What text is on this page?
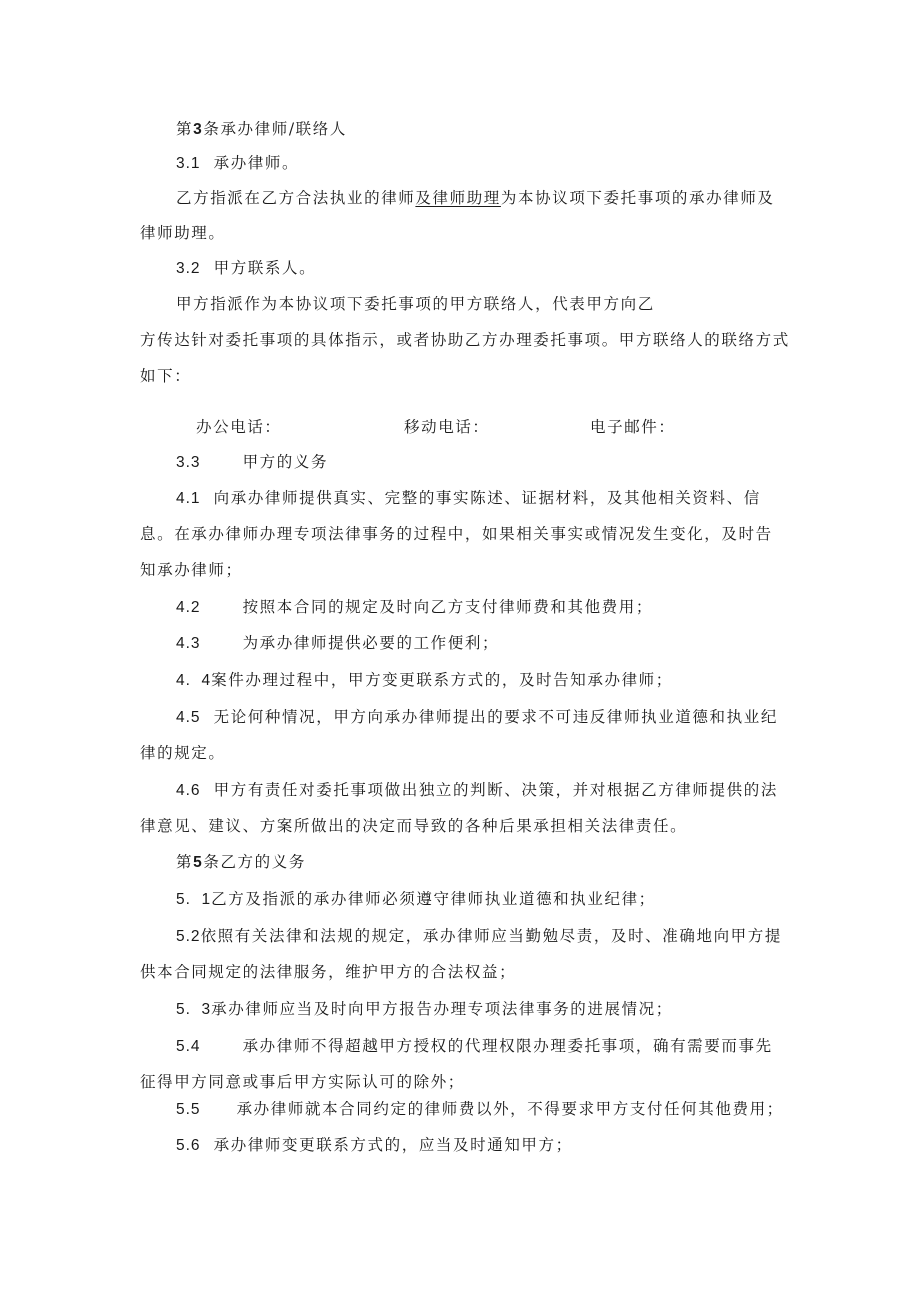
第3条承办律师/联络人
3.1 承办律师。
乙方指派在乙方合法执业的律师及律师助理为本协议项下委托事项的承办律师及
律师助理。
3.2 甲方联系人。
甲方指派作为本协议项下委托事项的甲方联络人，代表甲方向乙
方传达针对委托事项的具体指示，或者协助乙方办理委托事项。甲方联络人的联络方式
如下：
办公电话：	移动电话：	电子邮件：
3.3	甲方的义务
4.1 向承办律师提供真实、完整的事实陈述、证据材料，及其他相关资料、信
息。在承办律师办理专项法律事务的过程中，如果相关事实或情况发生变化，及时告
知承办律师；
4.2	按照本合同的规定及时向乙方支付律师费和其他费用；
4.3	为承办律师提供必要的工作便利；
4.  4案件办理过程中，甲方变更联系方式的，及时告知承办律师；
4.5 无论何种情况，甲方向承办律师提出的要求不可违反律师执业道德和执业纪
律的规定。
4.6 甲方有责任对委托事项做出独立的判断、决策，并对根据乙方律师提供的法
律意见、建议、方案所做出的决定而导致的各种后果承担相关法律责任。
第5条乙方的义务
5.  1乙方及指派的承办律师必须遵守律师执业道德和执业纪律；
5.2依照有关法律和法规的规定，承办律师应当勤勉尽责，及时、准确地向甲方提
供本合同规定的法律服务，维护甲方的合法权益；
5.  3承办律师应当及时向甲方报告办理专项法律事务的进展情况；
5.4	承办律师不得超越甲方授权的代理权限办理委托事项，确有需要而事先
征得甲方同意或事后甲方实际认可的除外；
5.5 承办律师就本合同约定的律师费以外，不得要求甲方支付任何其他费用；
5.6 承办律师变更联系方式的，应当及时通知甲方；
